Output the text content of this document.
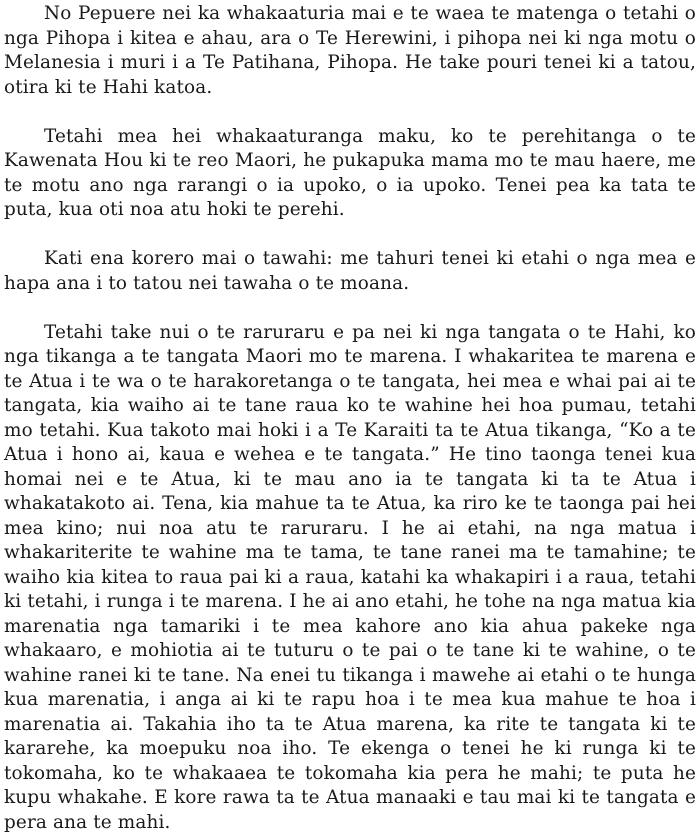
No Pepuere nei ka whakaaturia mai e te waea te matenga o tetahi o nga Pihopa i kitea e ahau, ara o Te Herewini, i pihopa nei ki nga motu o Melanesia i muri i a Te Patihana, Pihopa. He take pouri tenei ki a tatou, otira ki te Hahi katoa.

Tetahi mea hei whakaaturanga maku, ko te perehitanga o te Kawenata Hou ki te reo Maori, he pukapuka mama mo te mau haere, me te motu ano nga rarangi o ia upoko, o ia upoko. Tenei pea ka tata te puta, kua oti noa atu hoki te perehi.

Kati ena korero mai o tawahi: me tahuri tenei ki etahi o nga mea e hapa ana i to tatou nei tawaha o te moana.

Tetahi take nui o te raruraru e pa nei ki nga tangata o te Hahi, ko nga tikanga a te tangata Maori mo te marena. I whakaritea te marena e te Atua i te wa o te harakoretanga o te tangata, hei mea e whai pai ai te tangata, kia waiho ai te tane raua ko te wahine hei hoa pumau, tetahi mo tetahi. Kua takoto mai hoki i a Te Karaiti ta te Atua tikanga, “Ko a te Atua i hono ai, kaua e wehea e te tangata.” He tino taonga tenei kua homai nei e te Atua, ki te mau ano ia te tangata ki ta te Atua i whakatakoto ai. Tena, kia mahue ta te Atua, ka riro ke te taonga pai hei mea kino; nui noa atu te raruraru. I he ai etahi, na nga matua i whakariterite te wahine ma te tama, te tane ranei ma te tamahine; te waiho kia kitea to raua pai ki a raua, katahi ka whakapiri i a raua, tetahi ki tetahi, i runga i te marena. I he ai ano etahi, he tohe na nga matua kia marenatia nga tamariki i te mea kahore ano kia ahua pakeke nga whakaaro, e mohiotia ai te tuturu o te pai o te tane ki te wahine, o te wahine ranei ki te tane. Na enei tu tikanga i mawehe ai etahi o te hunga kua marenatia, i anga ai ki te rapu hoa i te mea kua mahue te hoa i marenatia ai. Takahia iho ta te Atua marena, ka rite te tangata ki te kararehe, ka moepuku noa iho. Te ekenga o tenei he ki runga ki te tokomaha, ko te whakaaea te tokomaha kia pera he mahi; te puta he kupu whakahe. E kore rawa ta te Atua manaaki e tau mai ki te tangata e pera ana te mahi.
